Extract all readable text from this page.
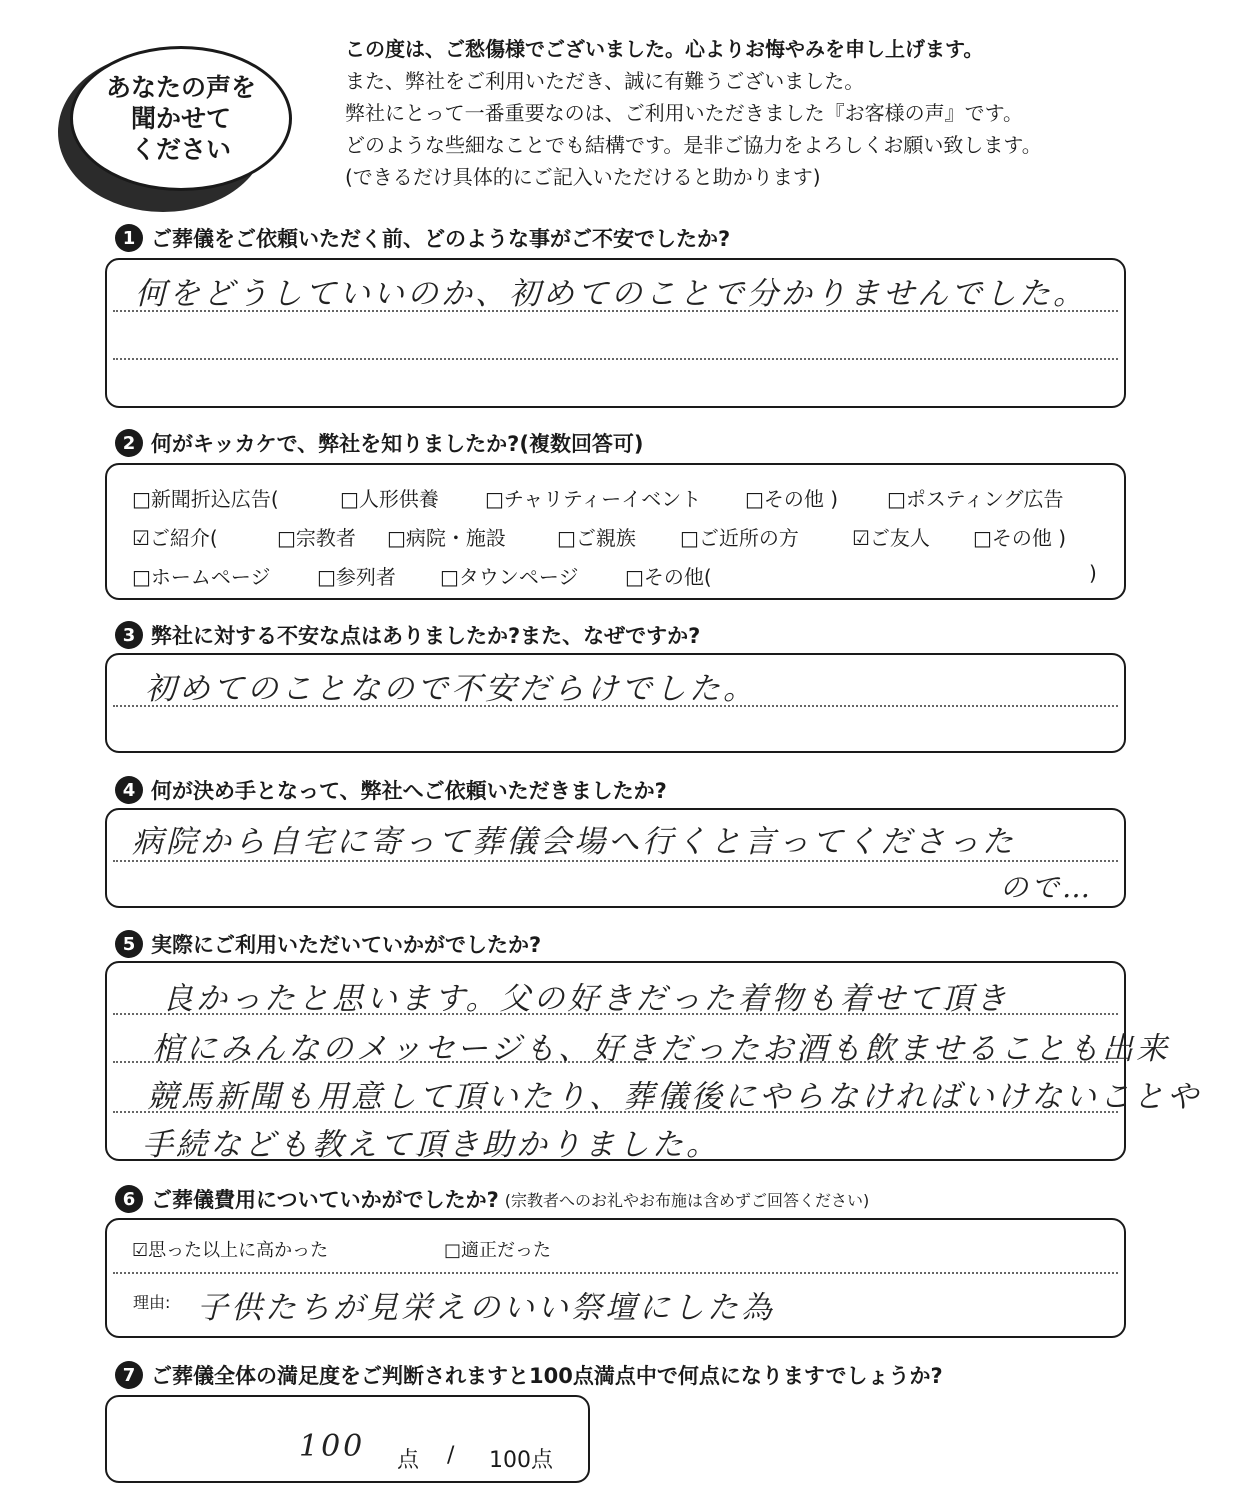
あなたの声を
聞かせて
ください
この度は、ご愁傷様でございました。心よりお悔やみを申し上げます。
また、弊社をご利用いただき、誠に有難うございました。
弊社にとって一番重要なのは、ご利用いただきました『お客様の声』です。
どのような些細なことでも結構です。是非ご協力をよろしくお願い致します。
(できるだけ具体的にご記入いただけると助かります)
1 ご葬儀をご依頼いただく前、どのような事がご不安でしたか?
何をどうしていいのか、初めてのことで分かりませんでした。
2 何がキッカケで、弊社を知りましたか?(複数回答可)
□新聞折込広告(	□人形供養 □チャリティーイベント □その他 ) □ポスティング広告
☑ご紹介(	□宗教者 □病院・施設	□ご親族 □ご近所の方	☑ご友人 □その他 )
□ホームページ □参列者 □タウンページ □その他(	)
3 弊社に対する不安な点はありましたか?また、なぜですか?
初めてのことなので不安だらけでした。
4 何が決め手となって、弊社へご依頼いただきましたか?
病院から自宅に寄って葬儀会場へ行くと言ってくださった
ので…
5 実際にご利用いただいていかがでしたか?
良かったと思います。父の好きだった着物も着せて頂き
棺にみんなのメッセージも、好きだったお酒も飲ませることも出来
競馬新聞も用意して頂いたり、葬儀後にやらなければいけないことや
手続なども教えて頂き助かりました。
6 ご葬儀費用についていかがでしたか? (宗教者へのお礼やお布施は含めずご回答ください)
☑思った以上に高かった	□適正だった
理由: 子供たちが見栄えのいい祭壇にした為
7 ご葬儀全体の満足度をご判断されますと100点満点中で何点になりますでしょうか?
100 点 / 100点
